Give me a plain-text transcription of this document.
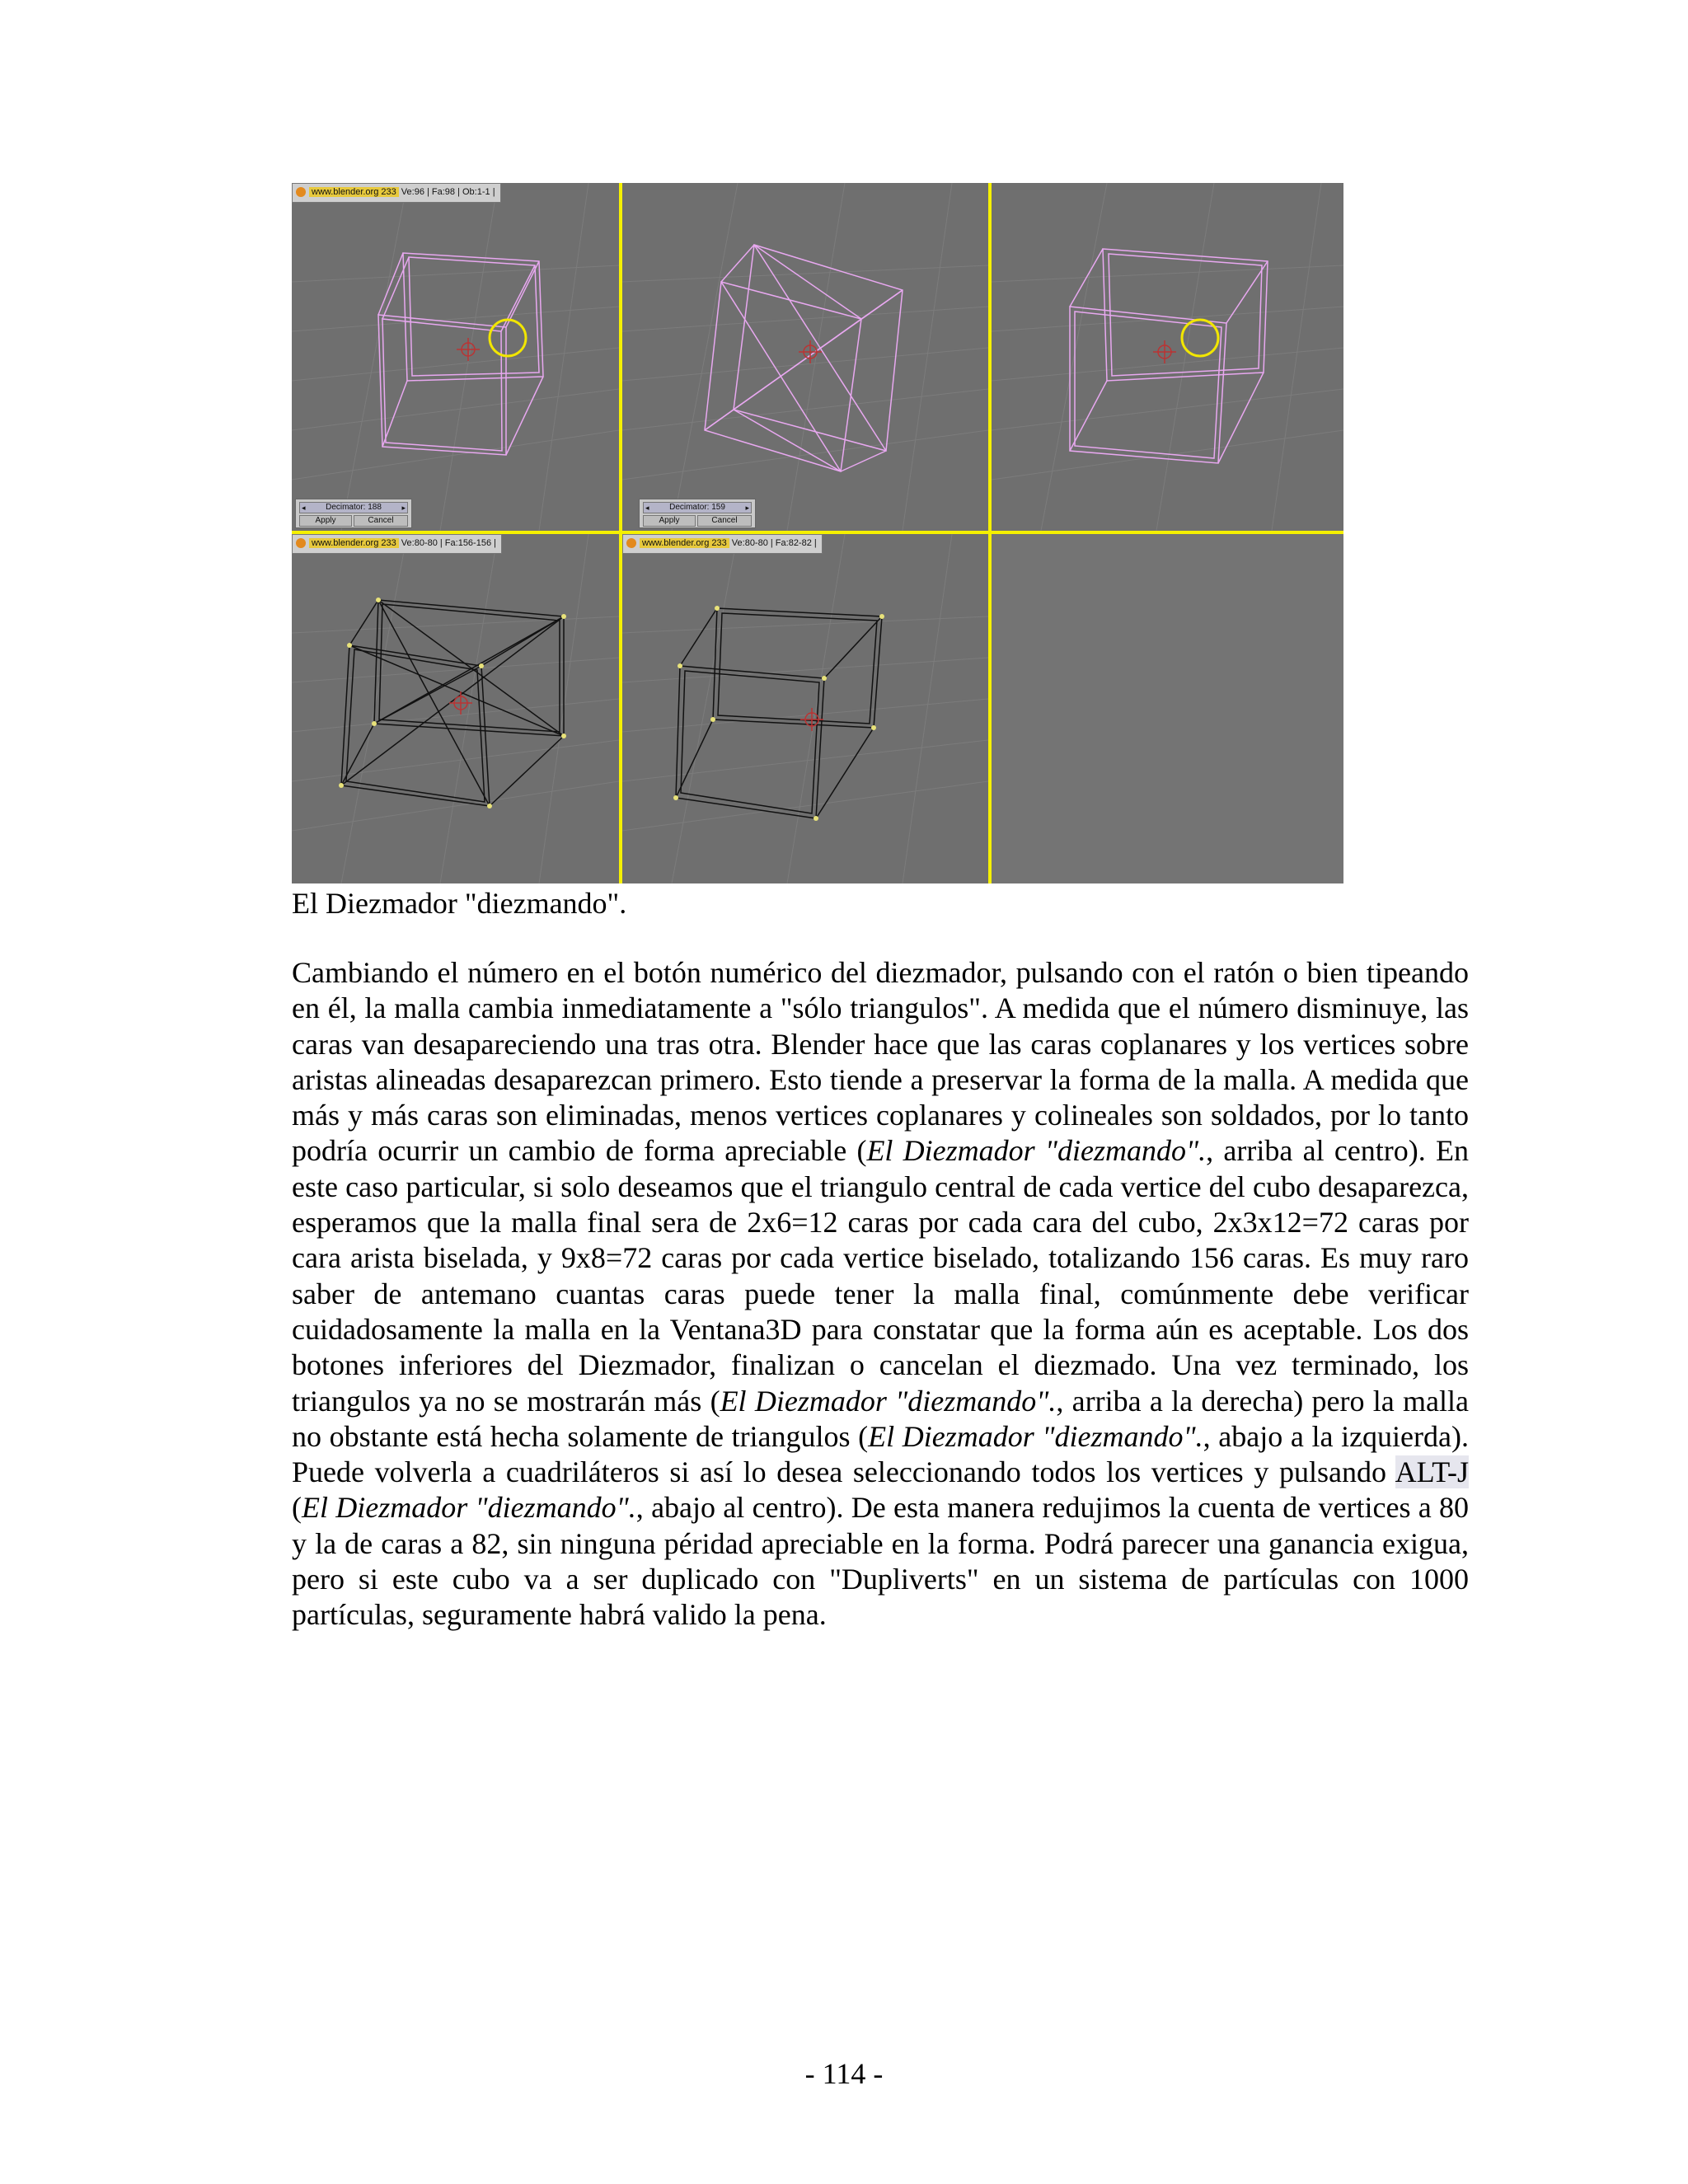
www.blender.org 233 Ve:96 | Fa:98 | Ob:1-1 |
◂ Decimator: 188	▸
Apply	Cancel
◂ Decimator: 159	▸
Apply	Cancel
www.blender.org 233 Ve:80-80 | Fa:156-156 |	www.blender.org 233 Ve:80-80 | Fa:82-82 |
El Diezmador "diezmando".

Cambiando el número en el botón numérico del diezmador, pulsando con el ratón o bien tipeando en él, la malla cambia inmediatamente a "sólo triangulos". A medida que el número disminuye, las caras van desapareciendo una tras otra. Blender hace que las caras coplanares y los vertices sobre aristas alineadas desaparezcan primero. Esto tiende a preservar la forma de la malla. A medida que más y más caras son eliminadas, menos vertices coplanares y colineales son soldados, por lo tanto podría ocurrir un cambio de forma apreciable (El Diezmador "diezmando"., arriba al centro). En este caso particular, si solo deseamos que el triangulo central de cada vertice del cubo desaparezca, esperamos que la malla final sera de 2x6=12 caras por cada cara del cubo, 2x3x12=72 caras por cara arista biselada, y 9x8=72 caras por cada vertice biselado, totalizando 156 caras. Es muy raro saber de antemano cuantas caras puede tener la malla final, comúnmente debe verificar cuidadosamente la malla en la Ventana3D para constatar que la forma aún es aceptable. Los dos botones inferiores del Diezmador, finalizan o cancelan el diezmado. Una vez terminado, los triangulos ya no se mostrarán más (El Diezmador "diezmando"., arriba a la derecha) pero la malla no obstante está hecha solamente de triangulos (El Diezmador "diezmando"., abajo a la izquierda). Puede volverla a cuadriláteros si así lo desea seleccionando todos los vertices y pulsando ALT-J (El Diezmador "diezmando"., abajo al centro). De esta manera redujimos la cuenta de vertices a 80 y la de caras a 82, sin ninguna péridad apreciable en la forma. Podrá parecer una ganancia exigua, pero si este cubo va a ser duplicado con "Dupliverts" en un sistema de partículas con 1000 partículas, seguramente habrá valido la pena.

- 114 -
